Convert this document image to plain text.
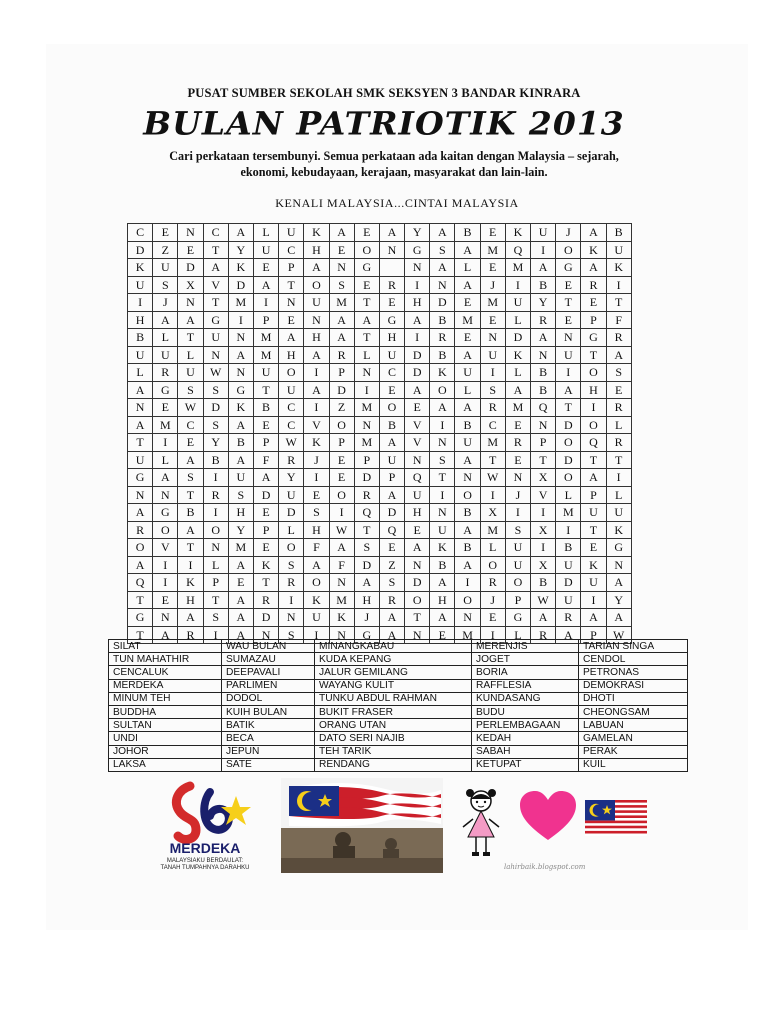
PUSAT SUMBER SEKOLAH SMK SEKSYEN 3 BANDAR KINRARA
BULAN PATRIOTIK 2013
Cari perkataan tersembunyi. Semua perkataan ada kaitan dengan Malaysia – sejarah,
ekonomi, kebudayaan, kerajaan, masyarakat dan lain-lain.
KENALI MALAYSIA...CINTAI MALAYSIA
C	E	N	C	A	L	U	K	A	E	A	Y	A	B	E	K	U	J	A	B
D	Z	E	T	Y	U	C	H	E	O	N	G	S	A	M	Q	I	O	K	U
K	U	D	A	K	E	P	A	N	G		N	A	L	E	M	A	G	A	K
U	S	X	V	D	A	T	O	S	E	R	I	N	A	J	I	B	E	R	I
I	J	N	T	M	I	N	U	M	T	E	H	D	E	M	U	Y	T	E	T
H	A	A	G	I	P	E	N	A	A	G	A	B	M	E	L	R	E	P	F
B	L	T	U	N	M	A	H	A	T	H	I	R	E	N	D	A	N	G	R
U	U	L	N	A	M	H	A	R	L	U	D	B	A	U	K	N	U	T	A
L	R	U	W	N	U	O	I	P	N	C	D	K	U	I	L	B	I	O	S
A	G	S	S	G	T	U	A	D	I	E	A	O	L	S	A	B	A	H	E
N	E	W	D	K	B	C	I	Z	M	O	E	A	A	R	M	Q	T	I	R
A	M	C	S	A	E	C	V	O	N	B	V	I	B	C	E	N	D	O	L
T	I	E	Y	B	P	W	K	P	M	A	V	N	U	M	R	P	O	Q	R
U	L	A	B	A	F	R	J	E	P	U	N	S	A	T	E	T	D	T	T
G	A	S	I	U	A	Y	I	E	D	P	Q	T	N	W	N	X	O	A	I
N	N	T	R	S	D	U	E	O	R	A	U	I	O	I	J	V	L	P	L
A	G	B	I	H	E	D	S	I	Q	D	H	N	B	X	I	I	M	U	U
R	O	A	O	Y	P	L	H	W	T	Q	E	U	A	M	S	X	I	T	K
O	V	T	N	M	E	O	F	A	S	E	A	K	B	L	U	I	B	E	G
A	I	I	L	A	K	S	A	F	D	Z	N	B	A	O	U	X	U	K	N
Q	I	K	P	E	T	R	O	N	A	S	D	A	I	R	O	B	D	U	A
T	E	H	T	A	R	I	K	M	H	R	O	H	O	J	P	W	U	I	Y
G	N	A	S	A	D	N	U	K	J	A	T	A	N	E	G	A	R	A	A
T	A	R	I	A	N	S	I	N	G	A	N	E	M	I	L	R	A	P	W
SILAT	WAU BULAN	MINANGKABAU	MERENJIS	TARIAN SINGA
TUN MAHATHIR	SUMAZAU	KUDA KEPANG	JOGET	CENDOL
CENCALUK	DEEPAVALI	JALUR GEMILANG	BORIA	PETRONAS
MERDEKA	PARLIMEN	WAYANG KULIT	RAFFLESIA	DEMOKRASI
MINUM TEH	DODOL	TUNKU ABDUL RAHMAN	KUNDASANG	DHOTI
BUDDHA	KUIH BULAN	BUKIT FRASER	BUDU	CHEONGSAM
SULTAN	BATIK	ORANG UTAN	PERLEMBAGAAN	LABUAN
UNDI	BECA	DATO SERI NAJIB	KEDAH	GAMELAN
JOHOR	JEPUN	TEH TARIK	SABAH	PERAK
LAKSA	SATE	RENDANG	KETUPAT	KUIL
MERDEKA
MALAYSIAKU BERDAULAT:
TANAH TUMPAHNYA DARAHKU	lahirbaik.blogspot.com
